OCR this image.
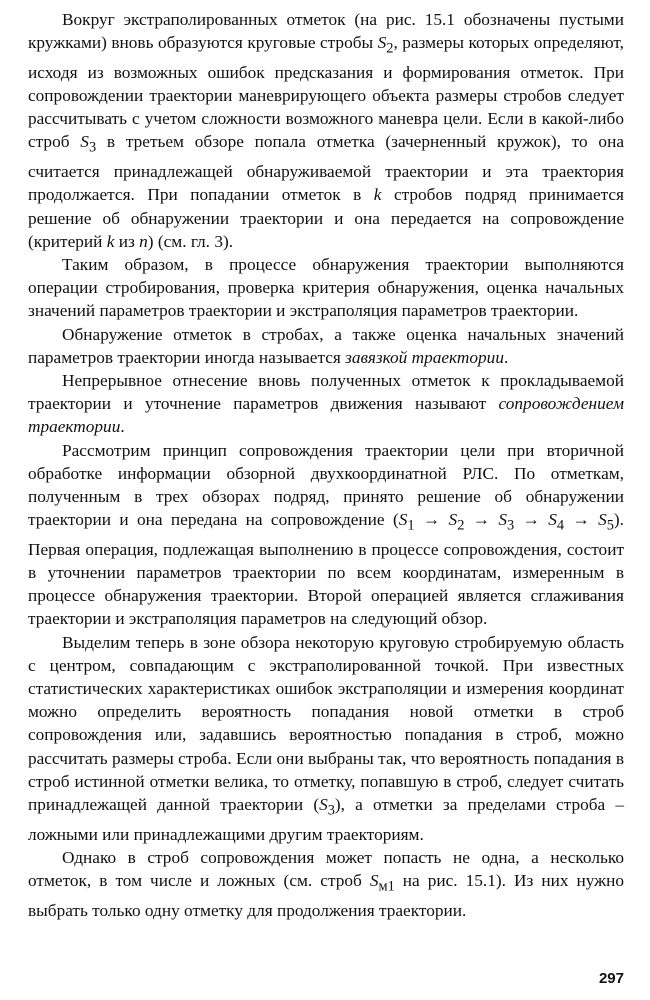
Вокруг экстраполированных отметок (на рис. 15.1 обозначены пустыми кружками) вновь образуются круговые стробы $S_2$, размеры которых определяют, исходя из возможных ошибок предсказания и формирования отметок. При сопровождении траектории маневрирующего объекта размеры стробов следует рассчитывать с учетом сложности возможного маневра цели. Если в какой-либо строб $S_3$ в третьем обзоре попала отметка (зачерненный кружок), то она считается принадлежащей обнаруживаемой траектории и эта траектория продолжается. При попадании отметок в k стробов подряд принимается решение об обнаружении траектории и она передается на сопровождение (критерий k из n) (см. гл. 3).

Таким образом, в процессе обнаружения траектории выполняются операции стробирования, проверка критерия обнаружения, оценка начальных значений параметров траектории и экстраполяция параметров траектории.

Обнаружение отметок в стробах, а также оценка начальных значений параметров траектории иногда называется завязкой траектории.

Непрерывное отнесение вновь полученных отметок к прокладываемой траектории и уточнение параметров движения называют сопровождением траектории.

Рассмотрим принцип сопровождения траектории цели при вторичной обработке информации обзорной двухкоординатной РЛС. По отметкам, полученным в трех обзорах подряд, принято решение об обнаружении траектории и она передана на сопровождение $(S_1 \to S_2 \to S_3 \to S_4 \to S_5)$. Первая операция, подлежащая выполнению в процессе сопровождения, состоит в уточнении параметров траектории по всем координатам, измеренным в процессе обнаружения траектории. Второй операцией является сглаживания траектории и экстраполяция параметров на следующий обзор.

Выделим теперь в зоне обзора некоторую круговую стробируемую область с центром, совпадающим с экстраполированной точкой. При известных статистических характеристиках ошибок экстраполяции и измерения координат можно определить вероятность попадания новой отметки в строб сопровождения или, задавшись вероятностью попадания в строб, можно рассчитать размеры строба. Если они выбраны так, что вероятность попадания в строб истинной отметки велика, то отметку, попавшую в строб, следует считать принадлежащей данной траектории $(S_3)$, а отметки за пределами строба – ложными или принадлежащими другим траекториям.

Однако в строб сопровождения может попасть не одна, а несколько отметок, в том числе и ложных (см. строб $S_{м1}$ на рис. 15.1). Из них нужно выбрать только одну отметку для продолжения траектории.

297
